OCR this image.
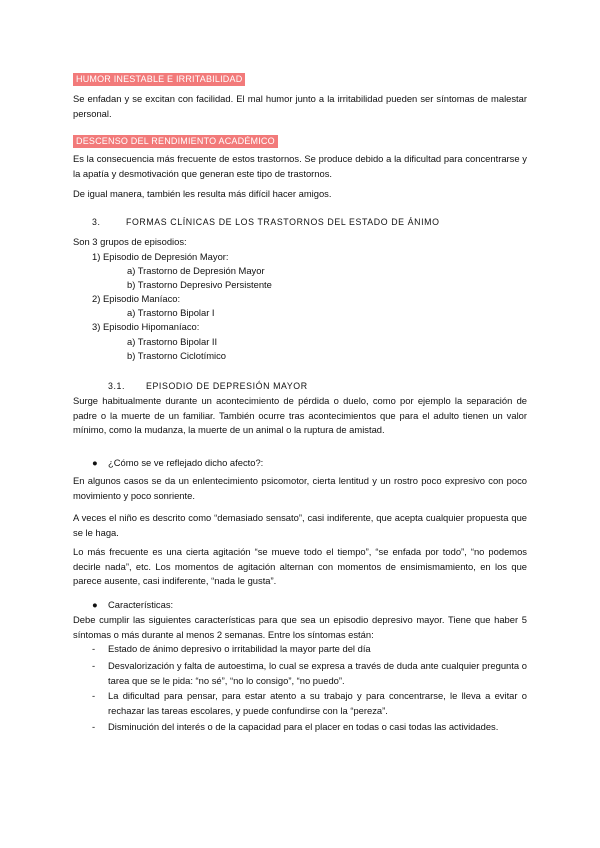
HUMOR INESTABLE E IRRITABILIDAD

Se enfadan y se excitan con facilidad. El mal humor junto a la irritabilidad pueden ser síntomas de malestar personal.

DESCENSO DEL RENDIMIENTO ACADÉMICO

Es la consecuencia más frecuente de estos trastornos. Se produce debido a la dificultad para concentrarse y la apatía y desmotivación que generan este tipo de trastornos.

De igual manera, también les resulta más difícil hacer amigos.

3.	FORMAS CLÍNICAS DE LOS TRASTORNOS DEL ESTADO DE ÁNIMO

Son 3 grupos de episodios:

1) Episodio de Depresión Mayor:
a) Trastorno de Depresión Mayor
b) Trastorno Depresivo Persistente
2) Episodio Maníaco:
a) Trastorno Bipolar I
3) Episodio Hipomaníaco:
a) Trastorno Bipolar II
b) Trastorno Ciclotímico
3.1. EPISODIO DE DEPRESIÓN MAYOR

Surge habitualmente durante un acontecimiento de pérdida o duelo, como por ejemplo la separación de padre o la muerte de un familiar. También ocurre tras acontecimientos que para el adulto tienen un valor mínimo, como la mudanza, la muerte de un animal o la ruptura de amistad.

● ¿Cómo se ve reflejado dicho afecto?:

En algunos casos se da un enlentecimiento psicomotor, cierta lentitud y un rostro poco expresivo con poco movimiento y poco sonriente.

A veces el niño es descrito como “demasiado sensato”, casi indiferente, que acepta cualquier propuesta que se le haga.

Lo más frecuente es una cierta agitación “se mueve todo el tiempo”, “se enfada por todo”, “no podemos decirle nada”, etc. Los momentos de agitación alternan con momentos de ensimismamiento, en los que parece ausente, casi indiferente, “nada le gusta”.

● Características:

Debe cumplir las siguientes características para que sea un episodio depresivo mayor. Tiene que haber 5 síntomas o más durante al menos 2 semanas. Entre los síntomas están:

- Estado de ánimo depresivo o irritabilidad la mayor parte del día
- Desvalorización y falta de autoestima, lo cual se expresa a través de duda ante cualquier pregunta o tarea que se le pida: “no sé”, “no lo consigo”, “no puedo”.
- La dificultad para pensar, para estar atento a su trabajo y para concentrarse, le lleva a evitar o rechazar las tareas escolares, y puede confundirse con la “pereza”.
- Disminución del interés o de la capacidad para el placer en todas o casi todas las actividades.
